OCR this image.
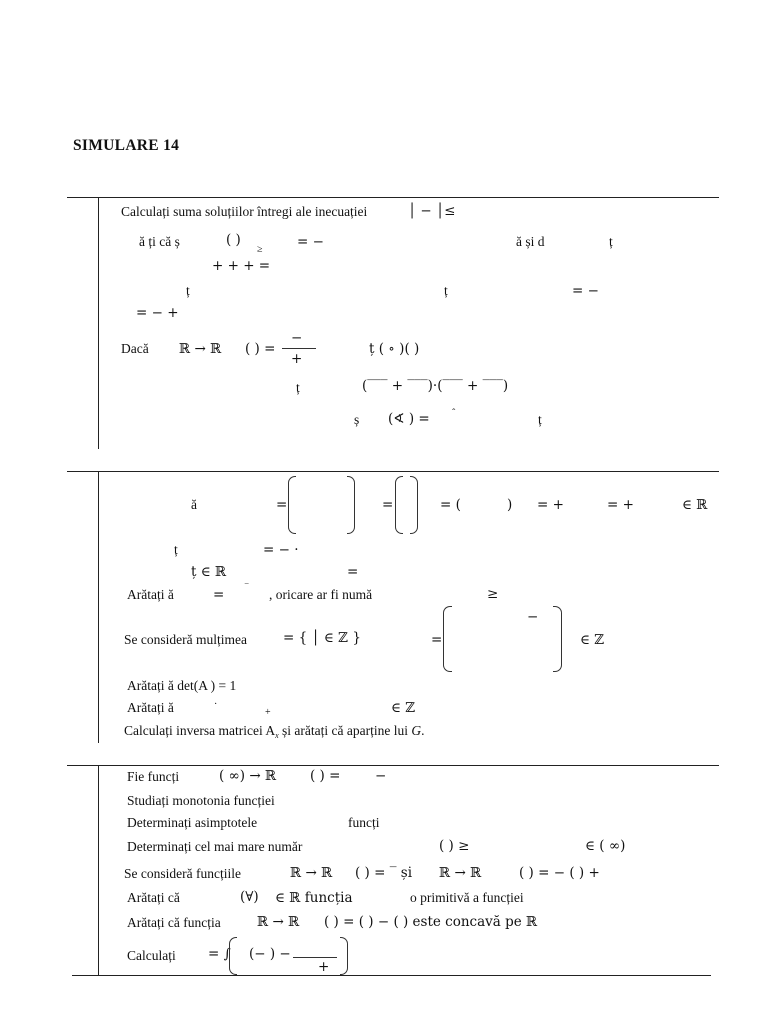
SIMULARE 14
Calculați suma soluțiilor întregi ale inecuației	│ − │≤
ă ți că ș	( )
≥	= −	ă și d	ț
+ + + =
ț	ț	= −
= − +
Dacă ℝ → ℝ ( ) =
−
+
ț ( ∘ )( )
ț	(‾‾‾ + ‾‾‾)·(‾‾‾ + ‾‾‾)
ș (∢ ) = ˆ	ț
ă	=	=	= (	) = +	= +	∈ ℝ
ț	= − ·
ț ∈ ℝ	=
Arătați ă	= ‾ , oricare ar fi numă	≥
Se consideră mulțimea	= { │ ∈ ℤ }	=
−
∈ ℤ
Arătați ă det(A ) = 1
Arătați ă	·
+	∈ ℤ
Calculați inversa matricei $A_x$ și arătați că aparține lui G.
Fie funcți	( ∞) → ℝ	( ) =	−
Studiați monotonia funcției
Determinați asimptotele	funcți
Determinați cel mai mare număr	( ) ≥	∈ ( ∞)
Se consideră funcțiile	ℝ → ℝ ( ) = ‾ și ℝ → ℝ	( ) = − ( ) +
Arătați că	(∀) ∈ ℝ funcția	o primitivă a funcției
Arătați că funcția	ℝ → ℝ ( ) = ( ) − ( ) este concavă pe ℝ
Calculați = ∫ (− ) −
+
